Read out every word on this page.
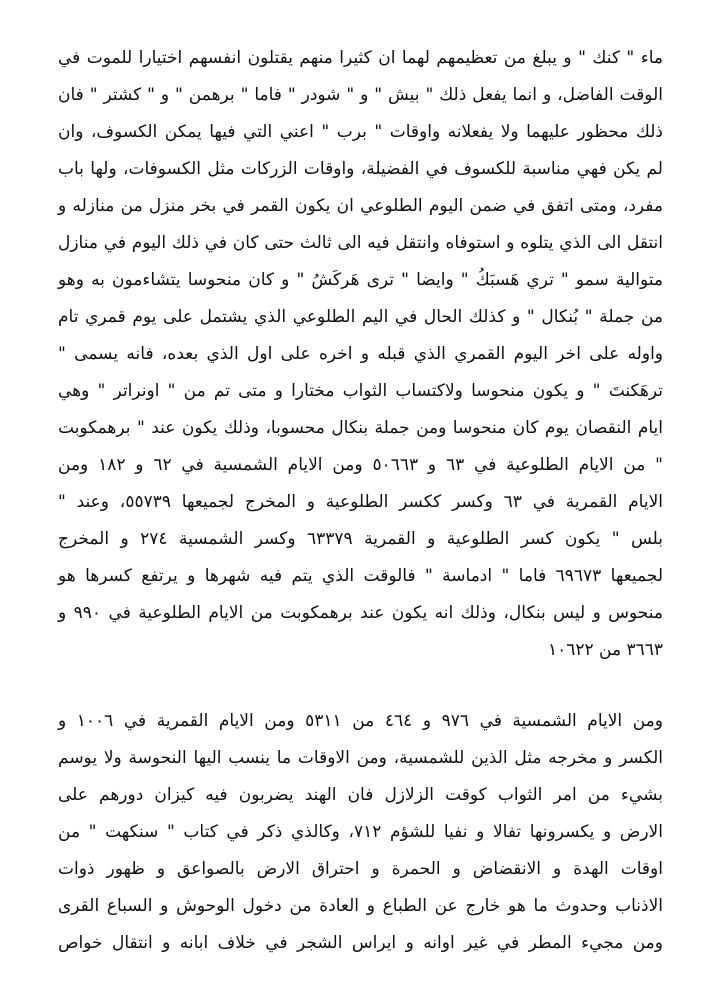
ماء " كنك " و يبلغ من تعظيمهم لهما ان كثيرا منهم يقتلون انفسهم اختيارا للموت في
الوقت الفاضل، و انما يفعل ذلك " بيش " و " شودر " فاما " برهمن " و " كشتر " فان
ذلك محظور عليهما ولا يفعلانه واوقات " برب " اعني التي فيها يمكن الكسوف، وان
لم يكن فهي مناسبة للكسوف في الفضيلة، واوقات الزركات مثل الكسوفات، ولها باب
مفرد، ومتى اتفق في ضمن اليوم الطلوعي ان يكون القمر في بخر منزل من منازله و
انتقل الى الذي يتلوه و استوفاه وانتقل فيه الى ثالث حتى كان في ذلك اليوم في منازل
متوالية سمو " تري هَسبَكُ " وايضا " ترى هَركَشُ " و كان منحوسا يتشاءمون به وهو
من جملة " بُنكال " و كذلك الحال في اليم الطلوعي الذي يشتمل على يوم قمري تام
واوله على اخر اليوم القمري الذي قبله و اخره على اول الذي بعده، فانه يسمى "
ترهَكنتَ " و يكون منحوسا ولاكتساب الثواب مختارا و متى تم من " اونراتر " وهي
ايام النقصان يوم كان منحوسا ومن جملة بنكال محسوبا، وذلك يكون عند " برهمكوبت
" من الايام الطلوعية في ٦٣ و ٥٠٦٦٣ ومن الايام الشمسية في ٦٢ و ١٨٢ ومن
الايام القمرية في ٦٣ وكسر ككسر الطلوعية و المخرج لجميعها ٥٥٧٣٩، وعند "
بلس " يكون كسر الطلوعية و القمرية ٦٣٣٧٩ وكسر الشمسية ٢٧٤ و المخرج
لجميعها ٦٩٦٧٣ فاما " ادماسة " فالوقت الذي يتم فيه شهرها و يرتفع كسرها هو
منحوس و ليس بنكال، وذلك انه يكون عند برهمكوبت من الايام الطلوعية في ٩٩٠ و
٣٦٦٣ من ١٠٦٢٢
ومن الايام الشمسية في ٩٧٦ و ٤٦٤ من ٥٣١١ ومن الايام القمرية في ١٠٠٦ و
الكسر و مخرجه مثل الذين للشمسية، ومن الاوقات ما ينسب اليها النحوسة ولا يوسم
بشيء من امر الثواب كوقت الزلازل فان الهند يضربون فيه كيزان دورهم على
الارض و يكسرونها تفالا و نفيا للشؤم ٧١٢، وكالذي ذكر في كتاب " سنكهت " من
اوقات الهدة و الانقضاض و الحمرة و احتراق الارض بالصواعق و ظهور ذوات
الاذناب وحدوث ما هو خارج عن الطباع و العادة من دخول الوحوش و السباع القرى
ومن مجيء المطر في غير اوانه و ايراس الشجر في خلاف ابانه و انتقال خواص
